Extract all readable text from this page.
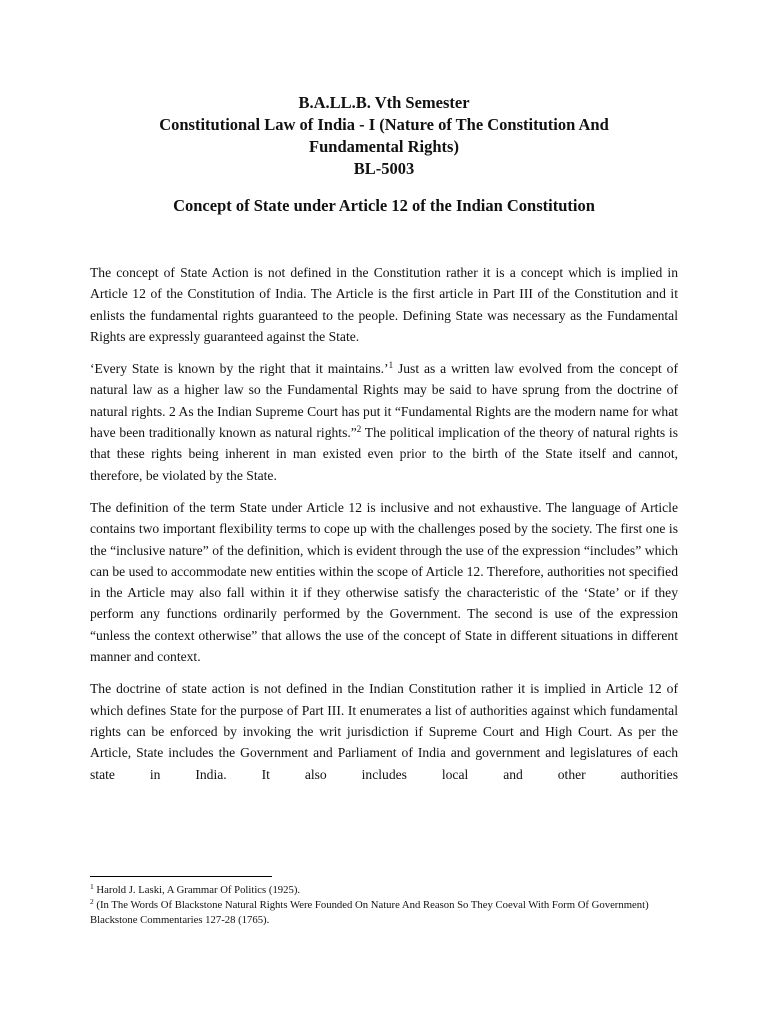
B.A.LL.B. Vth Semester
Constitutional Law of India - I (Nature of The Constitution And
Fundamental Rights)
BL-5003
Concept of State under Article 12 of the Indian Constitution

The concept of State Action is not defined in the Constitution rather it is a concept which is implied in Article 12 of the Constitution of India. The Article is the first article in Part III of the Constitution and it enlists the fundamental rights guaranteed to the people. Defining State was necessary as the Fundamental Rights are expressly guaranteed against the State.

‘Every State is known by the right that it maintains.’$^1$ Just as a written law evolved from the concept of natural law as a higher law so the Fundamental Rights may be said to have sprung from the doctrine of natural rights. 2 As the Indian Supreme Court has put it “Fundamental Rights are the modern name for what have been traditionally known as natural rights.”$^2$ The political implication of the theory of natural rights is that these rights being inherent in man existed even prior to the birth of the State itself and cannot, therefore, be violated by the State.

The definition of the term State under Article 12 is inclusive and not exhaustive. The language of Article contains two important flexibility terms to cope up with the challenges posed by the society. The first one is the “inclusive nature” of the definition, which is evident through the use of the expression “includes” which can be used to accommodate new entities within the scope of Article 12. Therefore, authorities not specified in the Article may also fall within it if they otherwise satisfy the characteristic of the ‘State’ or if they perform any functions ordinarily performed by the Government. The second is use of the expression “unless the context otherwise” that allows the use of the concept of State in different situations in different manner and context.

The doctrine of state action is not defined in the Indian Constitution rather it is implied in Article 12 of which defines State for the purpose of Part III. It enumerates a list of authorities against which fundamental rights can be enforced by invoking the writ jurisdiction if Supreme Court and High Court. As per the Article, State includes the Government and Parliament of India and government and legislatures of each state in India. It also includes local and other authorities

$^1$ Harold J. Laski, A Grammar Of Politics (1925).

$^2$ (In The Words Of Blackstone Natural Rights Were Founded On Nature And Reason So They Coeval With Form Of Government) Blackstone Commentaries 127-28 (1765).
